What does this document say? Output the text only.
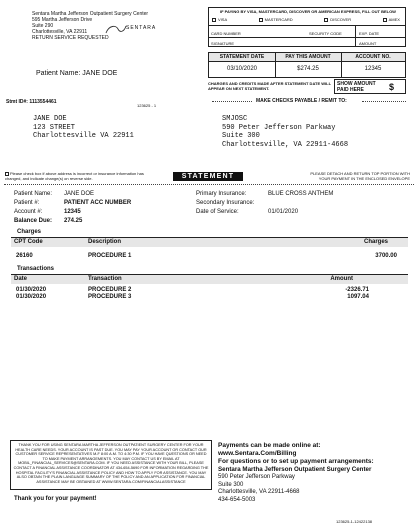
Sentara Martha Jefferson Outpatient Surgery Center
595 Martha Jefferson Drive
Suite 290
Charlottesville, VA 22911
RETURN SERVICE REQUESTED
SENTARA
IF PAYING BY VISA, MASTERCARD, DISCOVER OR AMERICAN EXPRESS, FILL OUT BELOW
VISA	MASTERCARD	DISCOVER	AMEX
CARD NUMBER	SECURITY CODE	EXP. DATE
SIGNATURE	AMOUNT
STATEMENT DATE	PAY THIS AMOUNT	ACCOUNT NO.
03/10/2020	$274.25	12345
CHARGES AND CREDITS MADE AFTER STATEMENT DATE WILL APPEAR ON NEXT STATEMENT.
SHOW AMOUNT PAID HERE	$
MAKE CHECKS PAYABLE / REMIT TO:
Patient Name: JANE DOE
Stmt ID#: 1113554461
123625 - 1
JANE DOE
123 STREET
Charlottesville VA 22911
SMJOSC
590 Peter Jefferson Parkway
Suite 300
Charlottesville, VA 22911-4668
Please check box if above address is incorrect or insurance information has changed, and indicate change(s) on reverse side.	STATEMENT	PLEASE DETACH AND RETURN TOP PORTION WITH YOUR PAYMENT IN THE ENCLOSED ENVELOPE
Patient Name:	JANE DOE
Patient #:	PATIENT ACC NUMBER
Account #:	12345
Balance Due:	274.25
Primary Insurance:	BLUE CROSS ANTHEM
Secondary Insurance:
Date of Service:	01/01/2020
Charges
CPT Code	Description	Charges
26160	PROCEDURE 1	3700.00
Transactions
Date	Transaction	Amount
01/30/2020	PROCEDURE 2	-2326.71
01/30/2020	PROCEDURE 3	1097.04
THANK YOU FOR USING SENTARA MARTHA JEFFERSON OUTPATIENT SURGERY CENTER FOR YOUR HEALTH CARE NEEDS. YOUR ACCOUNT IS PAST DUE. YOU MAY PAY YOUR ACCOUNT OR CONTACT OUR CUSTOMER SERVICE REPRESENTATIVES M-F 8:00 A.M. TO 4:30 P.M. IF YOU HAVE QUESTIONS OR NEED TO MAKE PAYMENT ARRANGEMENTS. YOU MAY CONTACT US BY EMAIL AT MOBIL_FINANCIAL_SERVICES@SENTARA.COM. IF YOU NEED ASSISTANCE WITH YOUR BILL, PLEASE CONTACT A FINANCIAL ASSISTANCE COORDINATOR AT 434-654-5690 FOR INFORMATION REGARDING THE HOSPITAL FACILITY'S FINANCIAL ASSISTANCE POLICY AND HOW TO APPLY FOR ASSISTANCE. YOU MAY ALSO OBTAIN THE PLAIN LANGUAGE SUMMARY OF THE POLICY AND AN APPLICATION FOR FINANCIAL ASSISTANCE MAY BE OBTAINED AT WWW.SENTARA.COM/FINANCIALASSISTANCE
Thank you for your payment!
Payments can be made online at:
www.Sentara.Com/Billing
For questions or to set up payment arrangements:
Sentara Martha Jefferson Outpatient Surgery Center
590 Peter Jefferson Parkway
Suite 300
Charlottesville, VA 22911-4668
434-654-5003
123625-1-12422138
